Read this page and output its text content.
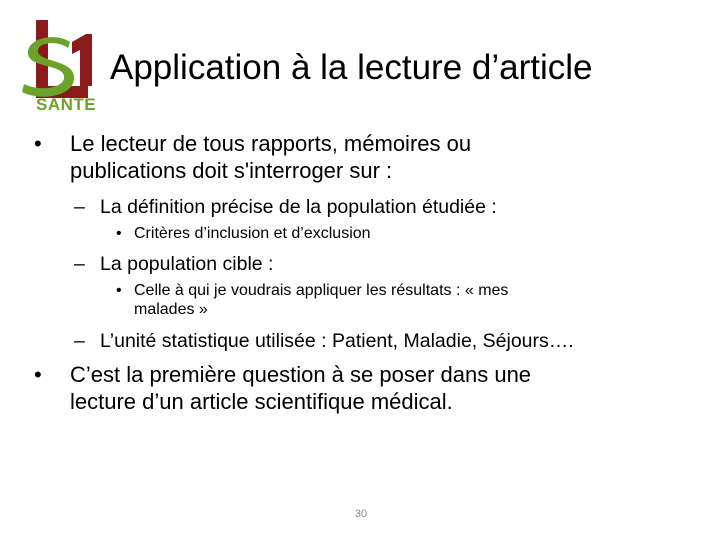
SANTE
Application à la lecture d’article
• Le lecteur de tous rapports, mémoires ou
publications doit s'interroger sur :
– La définition précise de la population étudiée :
• Critères d’inclusion et d’exclusion
– La population cible :
• Celle à qui je voudrais appliquer les résultats : « mes
malades »
– L’unité statistique utilisée : Patient, Maladie, Séjours….
• C’est la première question à se poser dans une
lecture d’un article scientifique médical.
30
